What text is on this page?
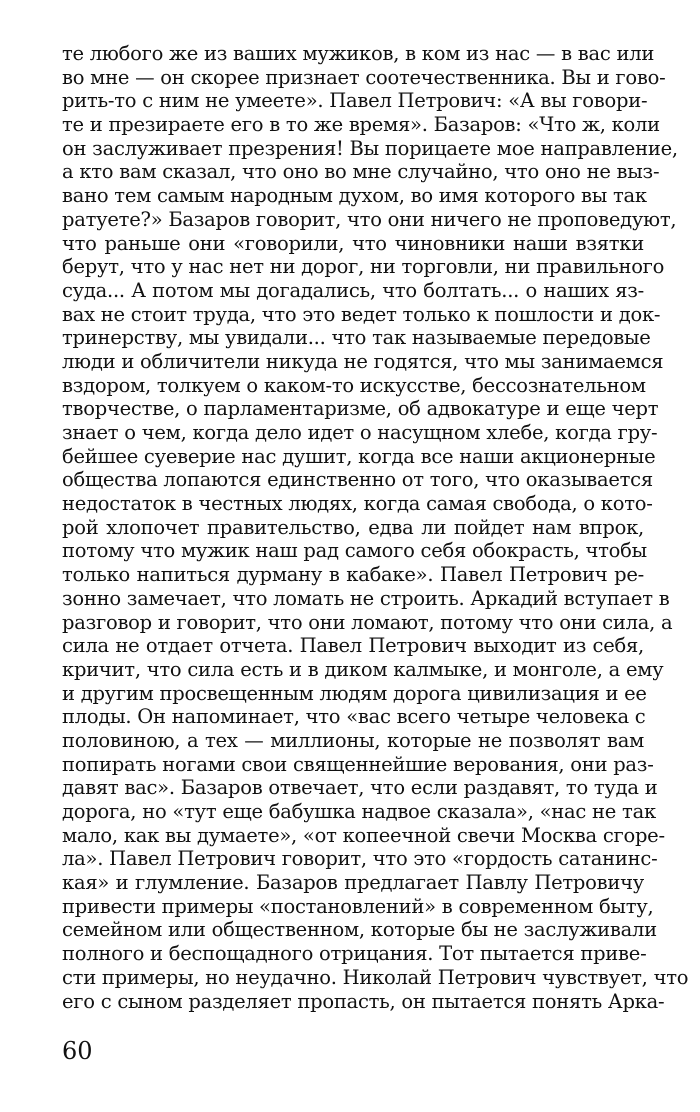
те любого же из ваших мужиков, в ком из нас — в вас или
во мне — он скорее признает соотечественника. Вы и гово-
рить-то с ним не умеете». Павел Петрович: «А вы говори-
те и презираете его в то же время». Базаров: «Что ж, коли
он заслуживает презрения! Вы порицаете мое направление,
а кто вам сказал, что оно во мне случайно, что оно не выз-
вано тем самым народным духом, во имя которого вы так
ратуете?» Базаров говорит, что они ничего не проповедуют,
что раньше они «говорили, что чиновники наши взятки
берут, что у нас нет ни дорог, ни торговли, ни правильного
суда... А потом мы догадались, что болтать... о наших яз-
вах не стоит труда, что это ведет только к пошлости и док-
тринерству, мы увидали... что так называемые передовые
люди и обличители никуда не годятся, что мы занимаемся
вздором, толкуем о каком-то искусстве, бессознательном
творчестве, о парламентаризме, об адвокатуре и еще черт
знает о чем, когда дело идет о насущном хлебе, когда гру-
бейшее суеверие нас душит, когда все наши акционерные
общества лопаются единственно от того, что оказывается
недостаток в честных людях, когда самая свобода, о кото-
рой хлопочет правительство, едва ли пойдет нам впрок,
потому что мужик наш рад самого себя обокрасть, чтобы
только напиться дурману в кабаке». Павел Петрович ре-
зонно замечает, что ломать не строить. Аркадий вступает в
разговор и говорит, что они ломают, потому что они сила, а
сила не отдает отчета. Павел Петрович выходит из себя,
кричит, что сила есть и в диком калмыке, и монголе, а ему
и другим просвещенным людям дорога цивилизация и ее
плоды. Он напоминает, что «вас всего четыре человека с
половиною, а тех — миллионы, которые не позволят вам
попирать ногами свои священнейшие верования, они раз-
давят вас». Базаров отвечает, что если раздавят, то туда и
дорога, но «тут еще бабушка надвое сказала», «нас не так
мало, как вы думаете», «от копеечной свечи Москва сгоре-
ла». Павел Петрович говорит, что это «гордость сатанинс-
кая» и глумление. Базаров предлагает Павлу Петровичу
привести примеры «постановлений» в современном быту,
семейном или общественном, которые бы не заслуживали
полного и беспощадного отрицания. Тот пытается приве-
сти примеры, но неудачно. Николай Петрович чувствует, что
его с сыном разделяет пропасть, он пытается понять Арка-
60
